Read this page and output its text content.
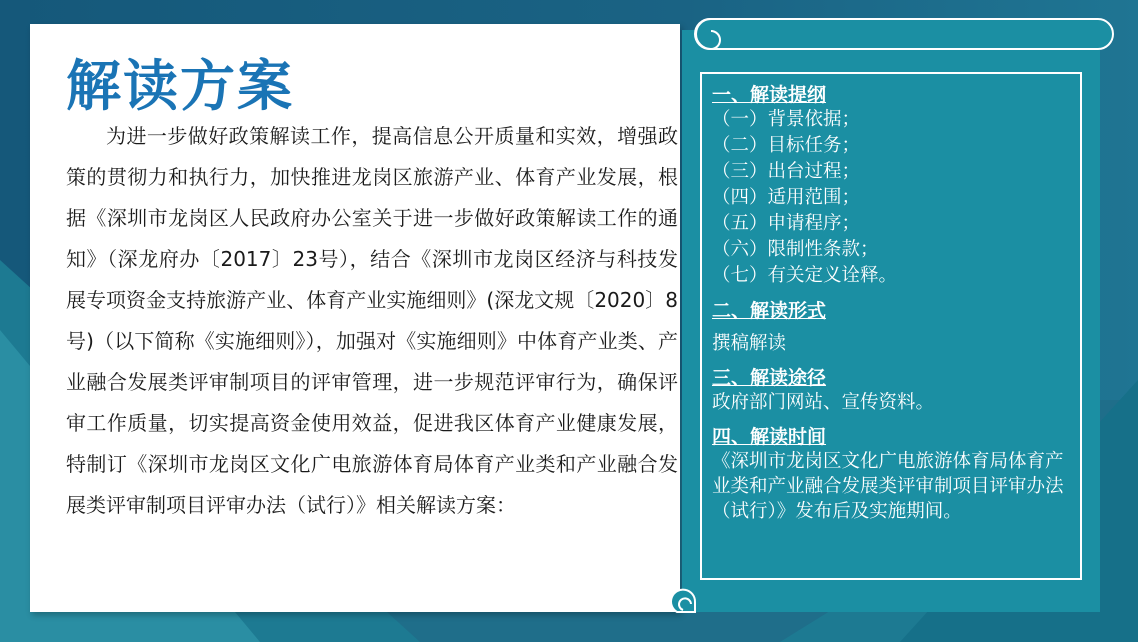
解读方案

为进一步做好政策解读工作，提高信息公开质量和实效，增强政策的贯彻力和执行力，加快推进龙岗区旅游产业、体育产业发展，根据《深圳市龙岗区人民政府办公室关于进一步做好政策解读工作的通知》（深龙府办〔2017〕23号），结合《深圳市龙岗区经济与科技发展专项资金支持旅游产业、体育产业实施细则》(深龙文规〔2020〕8号)（以下简称《实施细则》），加强对《实施细则》中体育产业类、产业融合发展类评审制项目的评审管理，进一步规范评审行为，确保评审工作质量，切实提高资金使用效益，促进我区体育产业健康发展，特制订《深圳市龙岗区文化广电旅游体育局体育产业类和产业融合发展类评审制项目评审办法（试行）》相关解读方案：

一、解读提纲

（一）背景依据；
（二）目标任务；
（三）出台过程；
（四）适用范围；
（五）申请程序；
（六）限制性条款；
（七）有关定义诠释。

二、解读形式

撰稿解读

三、解读途径

政府部门网站、宣传资料。

四、解读时间

《深圳市龙岗区文化广电旅游体育局体育产业类和产业融合发展类评审制项目评审办法（试行）》发布后及实施期间。
